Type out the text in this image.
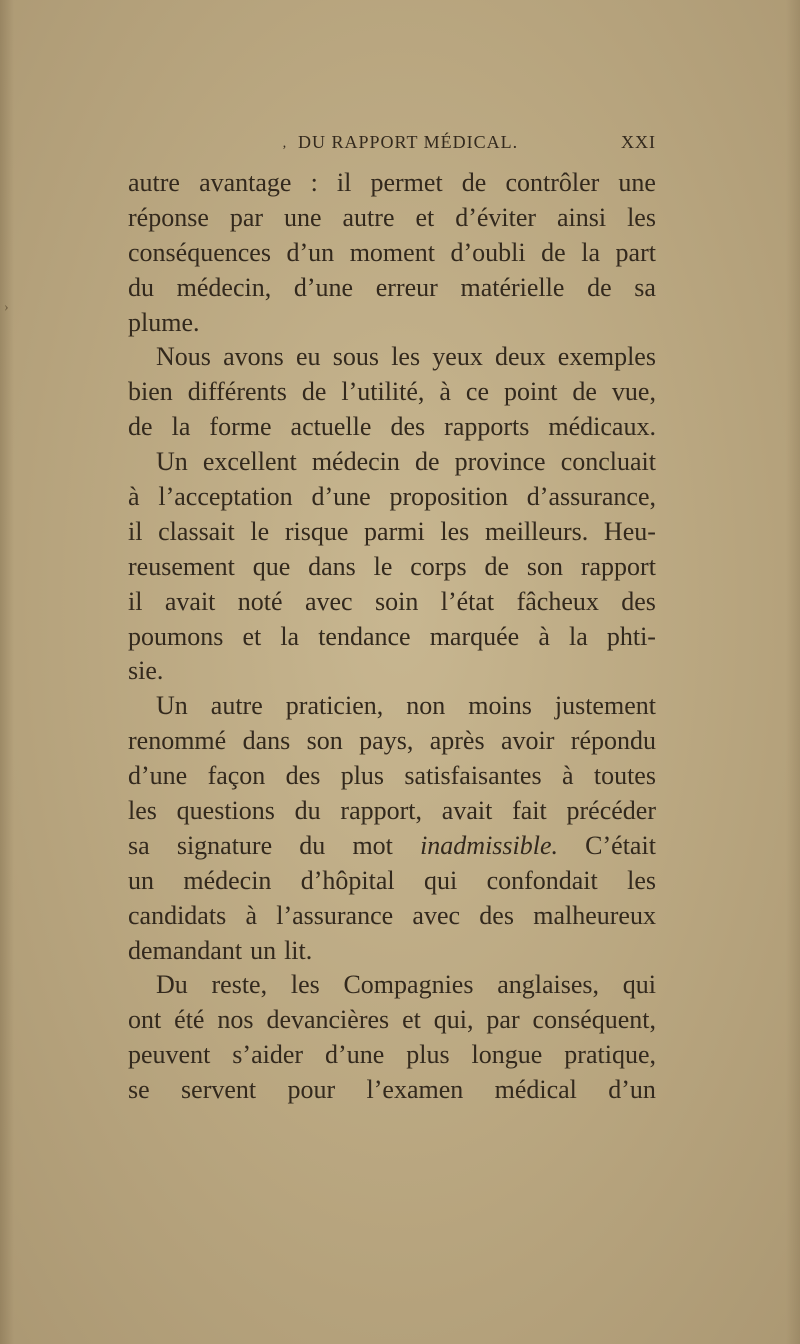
‚ DU RAPPORT MÉDICAL.	XXI
›
autre avantage : il permet de contrôler une
réponse par une autre et d’éviter ainsi les
conséquences d’un moment d’oubli de la part
du médecin, d’une erreur matérielle de sa
plume.
Nous avons eu sous les yeux deux exemples
bien différents de l’utilité, à ce point de vue,
de la forme actuelle des rapports médicaux.
Un excellent médecin de province concluait
à l’acceptation d’une proposition d’assurance,
il classait le risque parmi les meilleurs. Heu-
reusement que dans le corps de son rapport
il avait noté avec soin l’état fâcheux des
poumons et la tendance marquée à la phti-
sie.
Un autre praticien, non moins justement
renommé dans son pays, après avoir répondu
d’une façon des plus satisfaisantes à toutes
les questions du rapport, avait fait précéder
sa signature du mot inadmissible. C’était
un médecin d’hôpital qui confondait les
candidats à l’assurance avec des malheureux
demandant un lit.
Du reste, les Compagnies anglaises, qui
ont été nos devancières et qui, par conséquent,
peuvent s’aider d’une plus longue pratique,
se servent pour l’examen médical d’un
